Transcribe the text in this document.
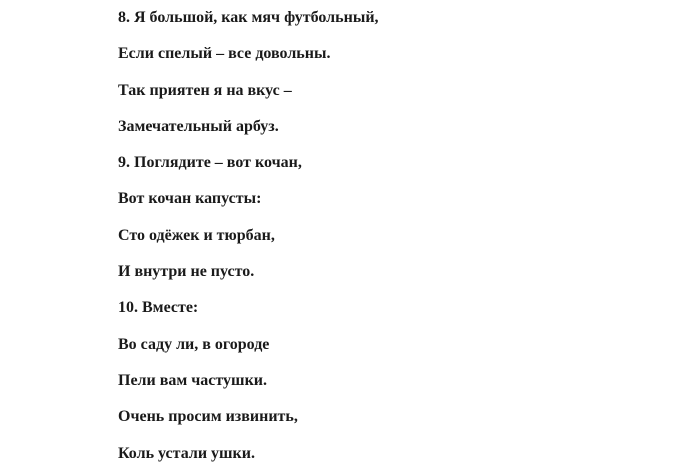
8. Я большой, как мяч футбольный,

Если спелый – все довольны.

Так приятен я на вкус –

Замечательный арбуз.

9. Поглядите – вот кочан,

Вот кочан капусты:

Сто одёжек и тюрбан,

И внутри не пусто.

10. Вместе:

Во саду ли, в огороде

Пели вам частушки.

Очень просим извинить,

Коль устали ушки.
